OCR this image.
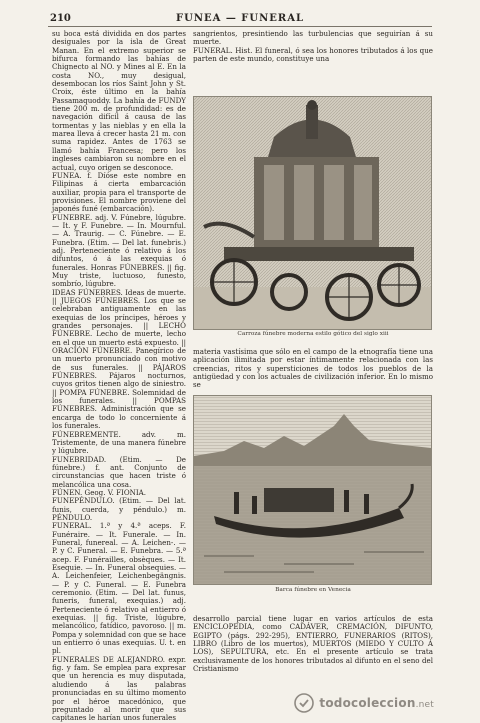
210	FUNEA — FUNERAL

su boca está dividida en dos partes desiguales por la isla de Great Manan. En el extremo superior se bifurca formando las bahías de Chignecto al NO. y Mines al E. En la costa NO., muy desigual, desembocan los ríos Saint John y St. Croix, éste último en la bahía Passamaquoddy. La bahía de FUNDY tiene 200 m. de profundidad: es de navegación difícil á causa de las tormentas y las nieblas y en ella la marea lleva á crecer hasta 21 m. con suma rapidez. Antes de 1763 se llamó bahía Francesa; pero los ingleses cambiaron su nombre en el actual, cuyo origen se desconoce.

FUNEA. f. Díóse este nombre en Filipinas á cierta embarcación auxiliar, propia para el transporte de provisiones. El nombre proviene del japonés funé (embarcación).

FUNEBRE. adj. V. Fúnebre, lúgubre. — It. y F. Funebre. — In. Mournful. — A. Traurig. — C. Fúnebre. — E. Funebra. (Etim. — Del lat. funebris.) adj. Perteneciente ó relativo á los difuntos, ó á las exequias ó funerales. Honras FÚNEBRES. || fig. Muy triste, luctuoso, funesto, sombrío, lúgubre.

IDEAS FÚNEBRES. Ideas de muerte. || JUEGOS FÚNEBRES. Los que se celebraban antiguamente en las exequias de los príncipes, héroes y grandes personajes. || LECHO FÚNEBRE. Lecho de muerte, lecho en el que un muerto está expuesto. || ORACIÓN FÚNEBRE. Panegírico de un muerto pronunciado con motivo de sus funerales. || PÁJAROS FÚNEBRES. Pájaros nocturnos, cuyos gritos tienen algo de siniestro. || POMPA FÚNEBRE. Solemnidad de los funerales. || POMPAS FÚNEBRES. Administración que se encarga de todo lo concerniente á los funerales.

FÚNEBREMENTE. adv. m. Tristemente, de una manera fúnebre y lúgubre.

FUNEBRIDAD. (Etim. — De fúnebre.) f. ant. Conjunto de circunstancias que hacen triste ó melancólica una cosa.

FÚNEN. Geog. V. FIONIA.

FUNEPÉNDULO. (Etim. — Del lat. funis, cuerda, y péndulo.) m. PÉNDULO.

FUNERAL. 1.ª y 4.ª aceps. F. Funéraire. — It. Funerale. — In. Funeral, funereal. — A. Leichen-. — P. y C. Funeral. — E. Funebra. — 5.ª acep. F. Funérailles, obsèques. — It. Esequie. — In. Funeral obsequies. — A. Leichenfeier, Leichenbegängnis. — P. y C. Funeral. — E. Funebra ceremonio. (Etim. — Del lat. funus, funeris, funeral, exequias.) adj. Perteneciente ó relativo al entierro ó exequias. || fig. Triste, lúgubre, melancólico, fatídico, pavoroso. || m. Pompa y solemnidad con que se hace un entierro ó unas exequias. U. t. en pl.

FUNERALES DE ALEJANDRO. expr. fig. y fam. Se emplea para expresar que un herencia es muy disputada, aludiendo á las palabras pronunciadas en su último momento por el héroe macedónico, que preguntado al morir que sus capitanes le harían unos funerales

sangrientos, presintiendo las turbulencias que seguirían á su muerte.

FUNERAL. Hist. El funeral, ó sea los honores tributados á los que parten de este mundo, constituye una

Carroza fúnebre moderna estilo gótico del siglo xiii

materia vastísima que sólo en el campo de la etnografía tiene una aplicación ilimitada por estar íntimamente relacionada con las creencias, ritos y supersticiones de todos los pueblos de la antigüedad y con los actuales de civilización inferior. En lo mismo se

Barca fúnebre en Venecia

desarrollo parcial tiene lugar en varios artículos de esta ENCICLOPEDIA, como CADÁVER, CREMACIÓN, DIFUNTO, EGIPTO (págs. 292-295), ENTIERRO, FUNERARIOS (RITOS), LIBRO (Libro de los muertos), MUERTOS (MIEDO Y CULTO Á LOS), SEPULTURA, etc. En el presente artículo se trata exclusivamente de los honores tributados al difunto en el seno del Cristianismo

todocoleccion.net
